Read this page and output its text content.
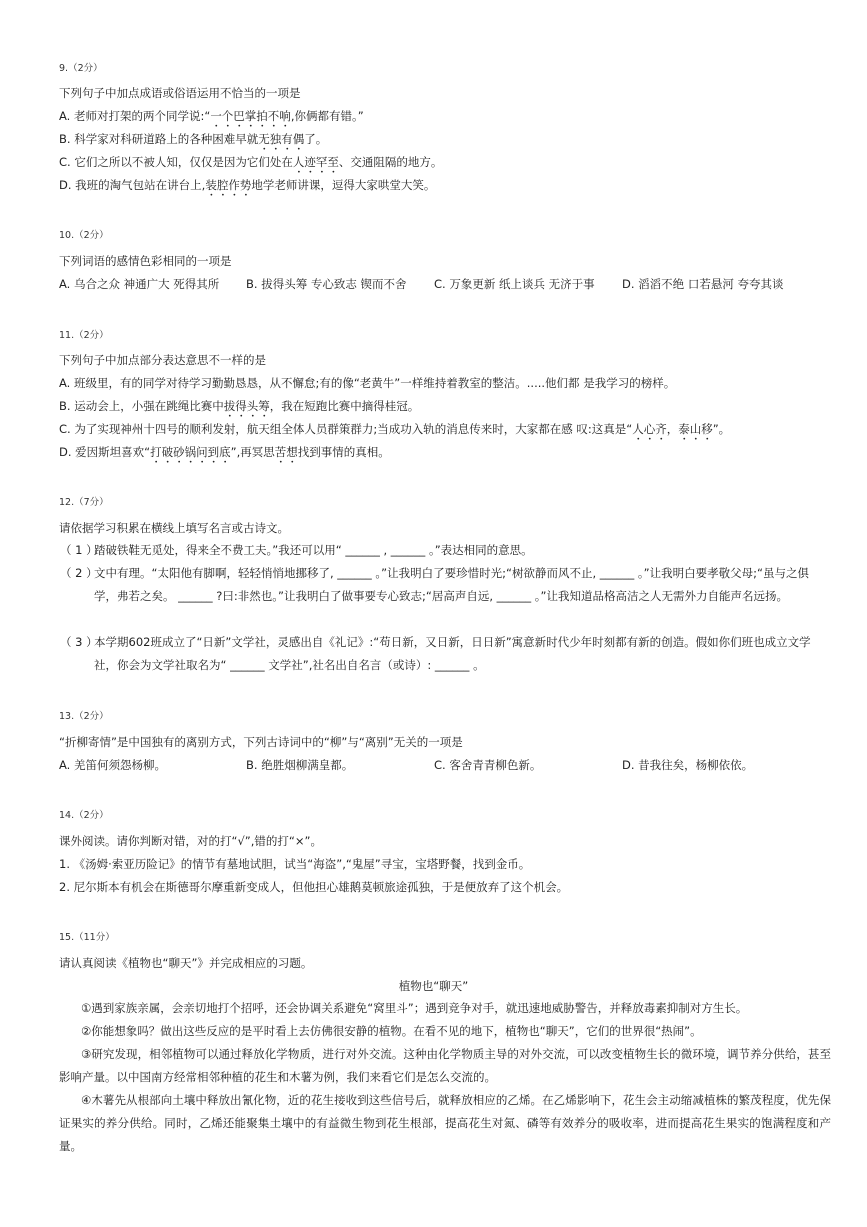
9.（2分）
下列句子中加点成语或俗语运用不恰当的一项是
A. 老师对打架的两个同学说:“一个巴掌拍不响,你俩都有错。”
B. 科学家对科研道路上的各种困难早就无独有偶了。
C. 它们之所以不被人知，仅仅是因为它们处在人迹罕至、交通阻隔的地方。
D. 我班的淘气包站在讲台上,装腔作势地学老师讲课，逗得大家哄堂大笑。
10.（2分）
下列词语的感情色彩相同的一项是
A. 乌合之众 神通广大 死得其所	B. 拔得头筹 专心致志 锲而不舍	C. 万象更新 纸上谈兵 无济于事	D. 滔滔不绝 口若悬河 夸夸其谈
11.（2分）
下列句子中加点部分表达意思不一样的是
A. 班级里，有的同学对待学习勤勤恳恳，从不懈怠;有的像“老黄牛”一样维持着教室的整洁。.....他们都 是我学习的榜样。
B. 运动会上，小强在跳绳比赛中拔得头筹，我在短跑比赛中摘得桂冠。
C. 为了实现神州十四号的顺利发射，航天组全体人员群策群力;当成功入轨的消息传来时，大家都在感 叹:这真是“人心齐，泰山移”。
D. 爱因斯坦喜欢“打破砂锅问到底”,再冥思苦想找到事情的真相。
12.（7分）
请依据学习积累在横线上填写名言或古诗文。
（ 1 ）
踏破铁鞋无觅处，得来全不费工夫。”我还可以用“ ______ , ______ 。”表达相同的意思。
（ 2 ）
文中有理。“太阳他有脚啊，轻轻悄悄地挪移了, ______ 。”让我明白了要珍惜时光;“树欲静而风不止, ______ 。”让我明白要孝敬父母;“虽与之俱学，弗若之矣。 ______ ?曰:非然也。”让我明白了做事要专心致志;“居高声自远, ______ 。”让我知道品格高洁之人无需外力自能声名远扬。
（ 3 ）
本学期602班成立了“日新”文学社，灵感出自《礼记》:“苟日新，又日新，日日新”寓意新时代少年时刻都有新的创造。假如你们班也成立文学社，你会为文学社取名为“ ______ 文学社”,社名出自名言（或诗）: ______ 。
13.（2分）
“折柳寄情”是中国独有的离别方式，下列古诗词中的“柳”与“离别”无关的一项是
A. 羌笛何须怨杨柳。	B. 绝胜烟柳满皇都。	C. 客舍青青柳色新。	D. 昔我往矣，杨柳依依。
14.（2分）
课外阅读。请你判断对错，对的打“√”,错的打“×”。
1. 《汤姆·索亚历险记》的情节有墓地试胆，试当“海盗”,“鬼屋”寻宝，宝塔野餐，找到金币。
2. 尼尔斯本有机会在斯德哥尔摩重新变成人，但他担心雄鹅莫顿旅途孤独，于是便放弃了这个机会。
15.（11分）
请认真阅读《植物也“聊天”》并完成相应的习题。
植物也“聊天”
①遇到家族亲属，会亲切地打个招呼，还会协调关系避免“窝里斗”；遇到竞争对手，就迅速地威胁警告，并释放毒素抑制对方生长。
②你能想象吗？做出这些反应的是平时看上去仿佛很安静的植物。在看不见的地下，植物也“聊天”，它们的世界很“热闹”。
③研究发现，相邻植物可以通过释放化学物质，进行对外交流。这种由化学物质主导的对外交流，可以改变植物生长的微环境，调节养分供给，甚至影响产量。以中国南方经常相邻种植的花生和木薯为例，我们来看它们是怎么交流的。
④木薯先从根部向土壤中释放出氰化物，近的花生接收到这些信号后，就释放相应的乙烯。在乙烯影响下，花生会主动缩减植株的繁茂程度，优先保证果实的养分供给。同时，乙烯还能聚集土壤中的有益微生物到花生根部，提高花生对氮、磷等有效养分的吸收率，进而提高花生果实的饱满程度和产量。
